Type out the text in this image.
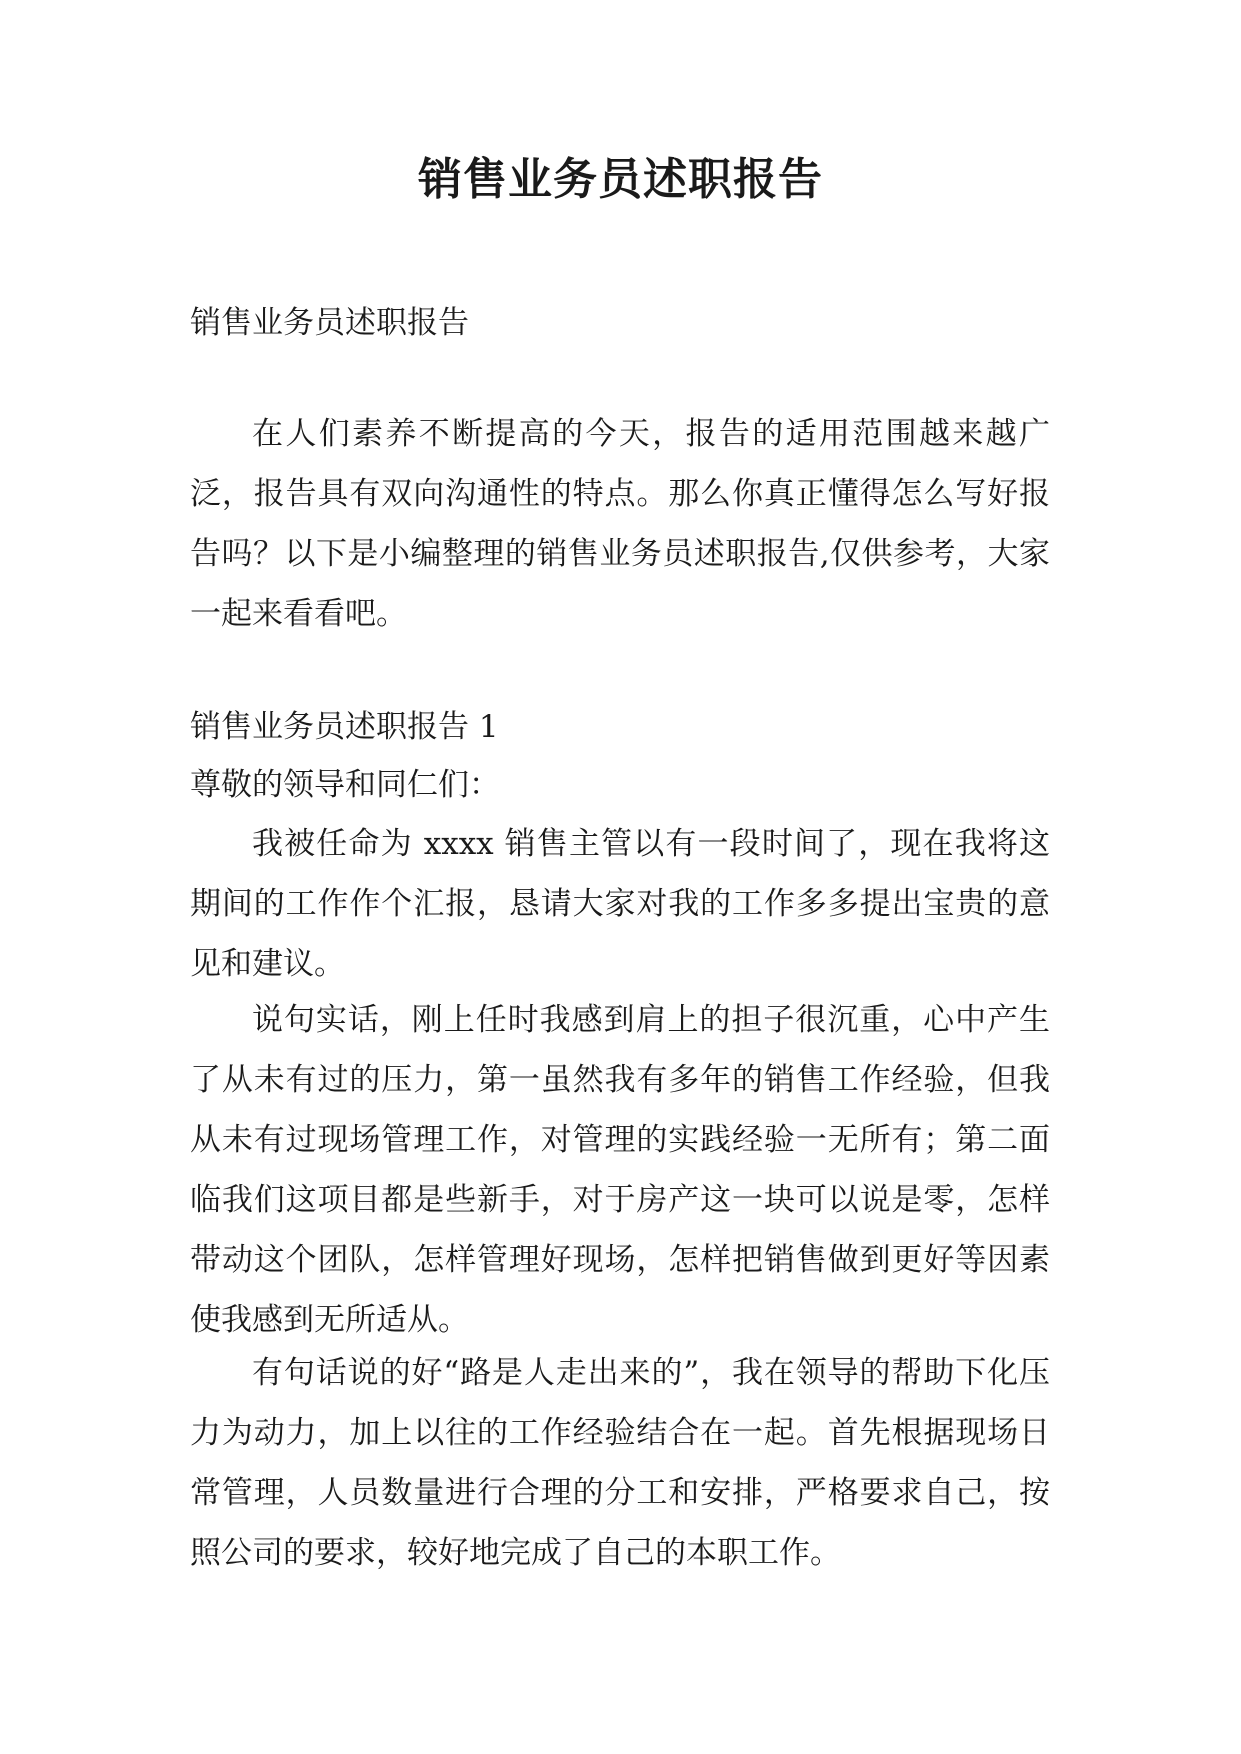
销售业务员述职报告

销售业务员述职报告

在人们素养不断提高的今天，报告的适用范围越来越广泛，报告具有双向沟通性的特点。那么你真正懂得怎么写好报告吗？以下是小编整理的销售业务员述职报告,仅供参考，大家一起来看看吧。

销售业务员述职报告 1

尊敬的领导和同仁们：

我被任命为 xxxx 销售主管以有一段时间了，现在我将这期间的工作作个汇报，恳请大家对我的工作多多提出宝贵的意见和建议。

说句实话，刚上任时我感到肩上的担子很沉重，心中产生了从未有过的压力，第一虽然我有多年的销售工作经验，但我从未有过现场管理工作，对管理的实践经验一无所有；第二面临我们这项目都是些新手，对于房产这一块可以说是零，怎样带动这个团队，怎样管理好现场，怎样把销售做到更好等因素使我感到无所适从。

有句话说的好“路是人走出来的”，我在领导的帮助下化压力为动力，加上以往的工作经验结合在一起。首先根据现场日常管理，人员数量进行合理的分工和安排，严格要求自己，按照公司的要求，较好地完成了自己的本职工作。
